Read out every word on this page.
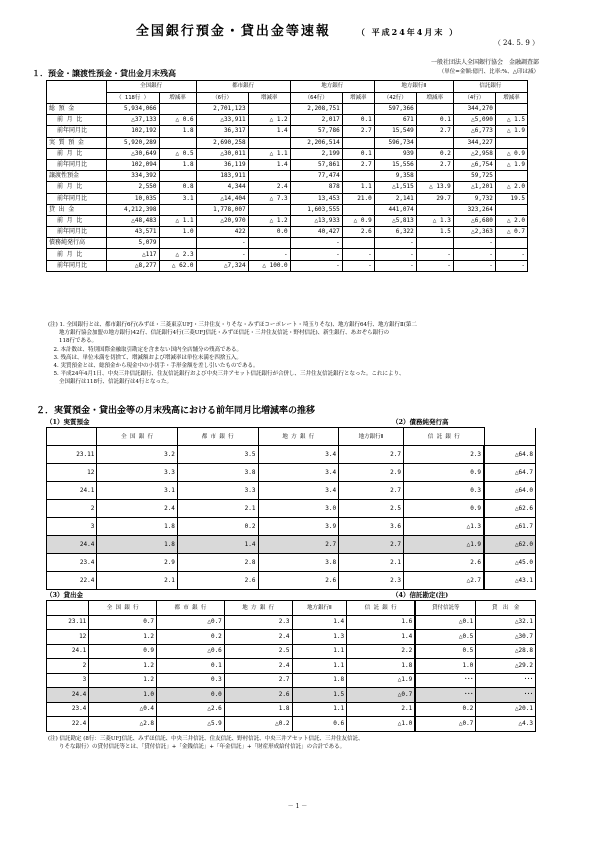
全国銀行預金・貸出金等速報　　	（ 平成24年4月末 ）
（ 24. 5. 9 ）
一般社団法人全国銀行協会　金融調査部
（単位=金額:億円、比率:%、△印は減）
１．預金・譲渡性預金・貸出金月末残高
	全国銀行		都市銀行		地方銀行		地方銀行Ⅱ		信託銀行	
	（ 118行 ）	増減率	（6行）	増減率	（64行）	増減率	（42行）	増減率	（4行）	増減率
総 預 金	5,934,066		2,701,123		2,208,751		597,366		344,270	
前 月 比	△37,133	△ 0.6	△33,911	△ 1.2	2,017	0.1	671	0.1	△5,090	△ 1.5
前年同月比	102,192	1.8	36,317	1.4	57,786	2.7	15,549	2.7	△6,773	△ 1.9
実 質 預 金	5,920,289		2,690,258		2,206,514		596,734		344,227	
前 月 比	△30,649	△ 0.5	△30,011	△ 1.1	2,199	0.1	939	0.2	△2,958	△ 0.9
前年同月比	102,094	1.8	36,119	1.4	57,861	2.7	15,556	2.7	△6,754	△ 1.9
譲渡性預金	334,392		183,911		77,474		9,358		59,725	
前 月 比	2,550	0.8	4,344	2.4	878	1.1	△1,515	△ 13.9	△1,201	△ 2.0
前年同月比	10,035	3.1	△14,404	△ 7.3	13,453	21.0	2,141	29.7	9,732	19.5
貸 出 金	4,212,398		1,778,007		1,603,555		441,074		323,264	
前 月 比	△48,483	△ 1.1	△20,970	△ 1.2	△13,933	△ 0.9	△5,813	△ 1.3	△6,680	△ 2.0
前年同月比	43,571	1.0	422	0.0	40,427	2.6	6,322	1.5	△2,363	△ 0.7
債務純発行高	5,079		-		-		-		-	
前 月 比	△117	△ 2.3	-	-	-	-	-	-	-	-
前年同月比	△8,277	△ 62.0	△7,324	△ 100.0	-	-	-	-	-	-
(注) 1. 全国銀行とは、都市銀行6行(みずほ・三菱東京UFJ・三井住友・りそな・みずほコーポレート・埼玉りそな)、地方銀行64行、地方銀行Ⅱ(第二
　　地方銀行協会加盟の地方銀行)42行、信託銀行4行(三菱UFJ信託・みずほ信託・三井住友信託・野村信託)、新生銀行、あおぞら銀行の
　　118行である。
　2. 本計数は、特別国際金融取引勘定を含まない国内全店舗分の残高である。
　3. 残高は、単位未満を切捨て、増減額および増減率は単位未満を四捨五入。
　4. 実質預金とは、総預金から現金中の小切手・手形金額を差し引いたものである。
　5. 平成24年4月1日、中央三井信託銀行、住友信託銀行および中央三井アセット信託銀行が合併し、三井住友信託銀行となった。これにより、
　　全国銀行は118行、信託銀行は4行となった。
２．実質預金・貸出金等の月末残高における前年同月比増減率の推移
（1）実質預金	（2）債務純発行高
	全 国 銀 行	都 市 銀 行	地 方 銀 行	地方銀行Ⅱ	信 託 銀 行	
23.11	3.2	3.5	3.4	2.7	2.3	△64.8
12	3.3	3.8	3.4	2.9	0.9	△64.7
24.1	3.1	3.3	3.4	2.7	0.3	△64.0
2	2.4	2.1	3.0	2.5	0.9	△62.6
3	1.8	0.2	3.9	3.6	△1.3	△61.7
24.4	1.8	1.4	2.7	2.7	△1.9	△62.0
23.4	2.9	2.8	3.8	2.1	2.6	△45.0
22.4	2.1	2.6	2.6	2.3	△2.7	△43.1
（3）貸出金	（4）信託勘定(注)
	全 国 銀 行	都 市 銀 行	地 方 銀 行	地方銀行Ⅱ	信 託 銀 行	貸付信託等	貸　出　金
23.11	0.7	△0.7	2.3	1.4	1.6	△0.1	△32.1
12	1.2	0.2	2.4	1.3	1.4	△0.5	△30.7
24.1	0.9	△0.6	2.5	1.1	2.2	0.5	△28.8
2	1.2	0.1	2.4	1.1	1.8	1.0	△29.2
3	1.2	0.3	2.7	1.8	△1.9	･･･	･･･
24.4	1.0	0.0	2.6	1.5	△0.7	･･･	･･･
23.4	△0.4	△2.6	1.8	1.1	2.1	0.2	△20.1
22.4	△2.8	△5.9	△0.2	0.6	△1.0	△0.7	△4.3
(注) 信託勘定 (8行：三菱UFJ信託、みずほ信託、中央三井信託、住友信託、野村信託、中央三井アセット信託、三井住友信託、
　　りそな銀行）の貸付信託等とは、「貸付信託」+「金銭信託」+「年金信託」+「財産形成給付信託」の合計である。
－ 1 －
